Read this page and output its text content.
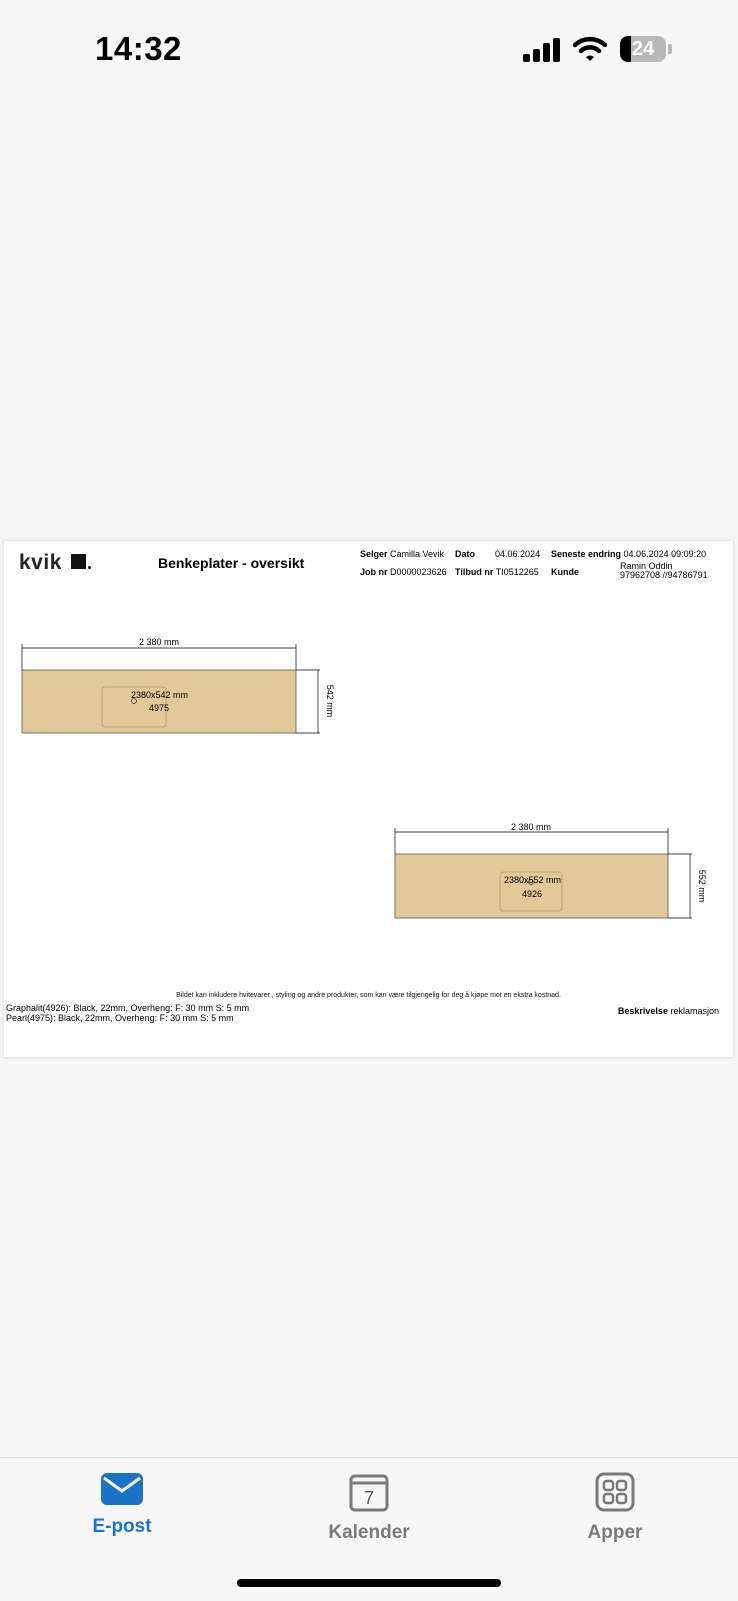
14:32	24
kvik	Benkeplater - oversikt
Selger Camilla Vevik Dato 04.06.2024 Seneste endring 04.06.2024 09:09:20
Job nr D0000023626 Tilbud nr TI0512265 Kunde
Ramin Oddin
97962708 //94786791
2 380 mm
542 mm
2380x542 mm
4975
2 380 mm
552 mm
2380x552 mm
4926
Bildet kan inkludere hvitevarer , styling og andre produkter, som kan være tilgjengelig for deg å kjøpe mot en ekstra kostnad.
Graphalit(4926): Black, 22mm, Overheng: F: 30 mm S: 5 mm
Pearl(4975): Black, 22mm, Overheng: F: 30 mm S: 5 mm
Beskrivelse reklamasjon
E-post
7
Kalender	Apper
